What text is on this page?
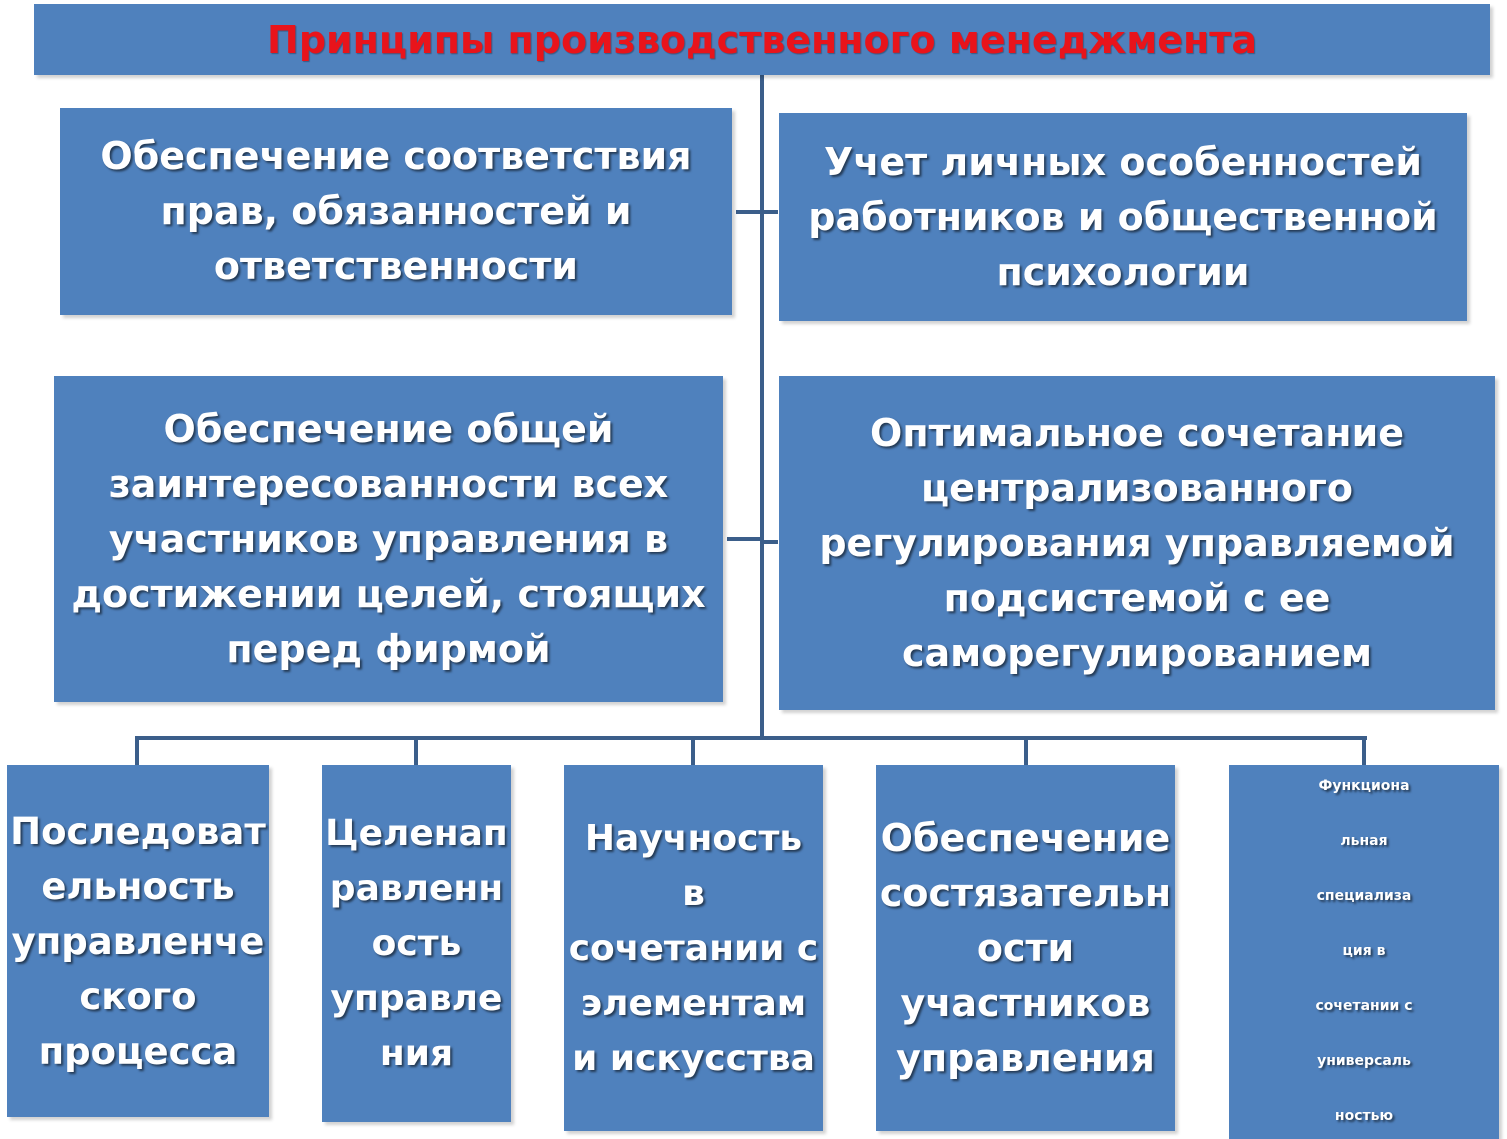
Принципы производственного менеджмента
Обеспечение соответствия
прав, обязанностей и
ответственности
Учет личных особенностей
работников и общественной
психологии
Обеспечение общей
заинтересованности всех
участников управления в
достижении целей, стоящих
перед фирмой
Оптимальное сочетание
централизованного
регулирования управляемой
подсистемой с ее
саморегулированием
Последоват
ельность
управленче
ского
процесса
Целенап
равленн
ость
управле
ния
Научность
в
сочетании с
элементам
и искусства
Обеспечение
состязательн
ости
участников
управления
Функциона
льная
специализа
ция в
сочетании с
универсаль
ностью
